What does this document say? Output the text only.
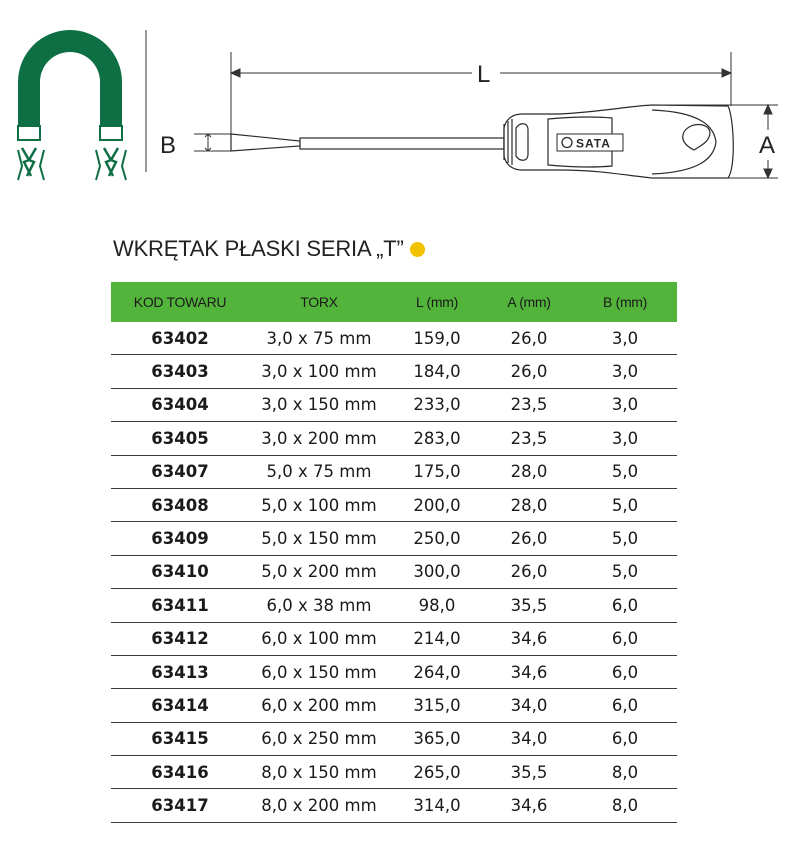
B
L
SATA	A
WKRĘTAK PŁASKI SERIA „T”
KOD TOWARU	TORX	L (mm)	A (mm)	B (mm)
63402	3,0 x 75 mm	159,0	26,0	3,0
63403	3,0 x 100 mm	184,0	26,0	3,0
63404	3,0 x 150 mm	233,0	23,5	3,0
63405	3,0 x 200 mm	283,0	23,5	3,0
63407	5,0 x 75 mm	175,0	28,0	5,0
63408	5,0 x 100 mm	200,0	28,0	5,0
63409	5,0 x 150 mm	250,0	26,0	5,0
63410	5,0 x 200 mm	300,0	26,0	5,0
63411	6,0 x 38 mm	98,0	35,5	6,0
63412	6,0 x 100 mm	214,0	34,6	6,0
63413	6,0 x 150 mm	264,0	34,6	6,0
63414	6,0 x 200 mm	315,0	34,0	6,0
63415	6,0 x 250 mm	365,0	34,0	6,0
63416	8,0 x 150 mm	265,0	35,5	8,0
63417	8,0 x 200 mm	314,0	34,6	8,0
